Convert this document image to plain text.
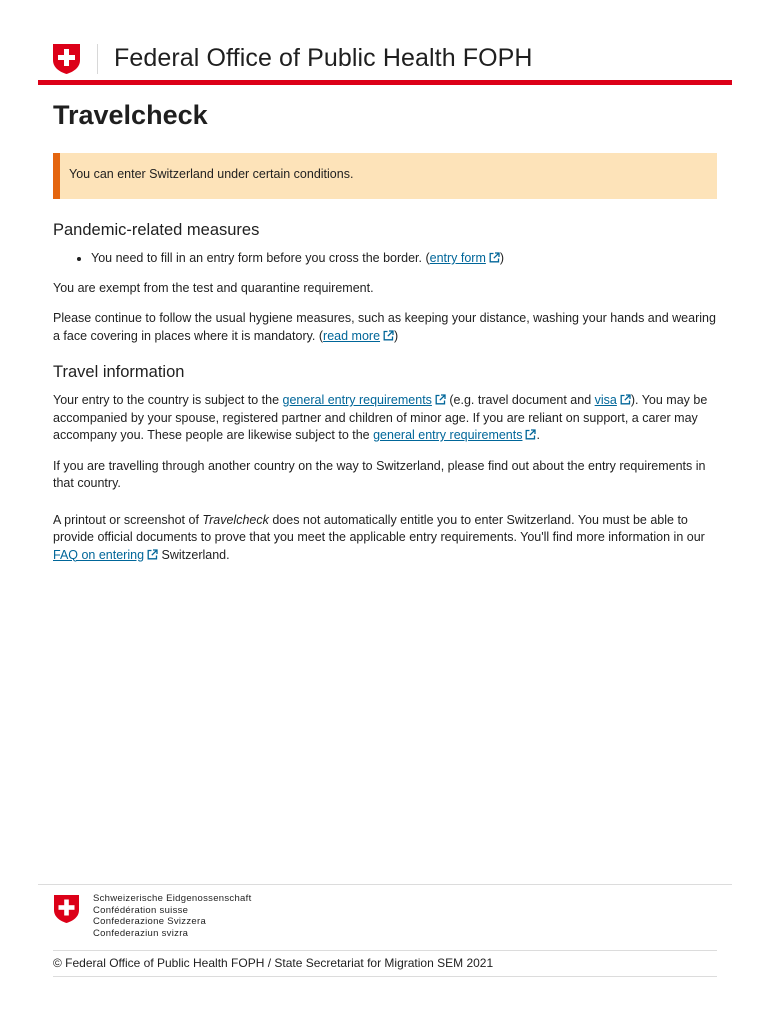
Federal Office of Public Health FOPH
Travelcheck
You can enter Switzerland under certain conditions.
Pandemic-related measures
You need to fill in an entry form before you cross the border. (entry form )

You are exempt from the test and quarantine requirement.

Please continue to follow the usual hygiene measures, such as keeping your distance, washing your hands and wearing a face covering in places where it is mandatory. (read more )

Travel information

Your entry to the country is subject to the general entry requirements (e.g. travel document and visa ). You may be accompanied by your spouse, registered partner and children of minor age. If you are reliant on support, a carer may accompany you. These people are likewise subject to the general entry requirements .

If you are travelling through another country on the way to Switzerland, please find out about the entry requirements in that country.

A printout or screenshot of Travelcheck does not automatically entitle you to enter Switzerland. You must be able to provide official documents to prove that you meet the applicable entry requirements. You'll find more information in our FAQ on entering Switzerland.

Schweizerische Eidgenossenschaft
Confédération suisse
Confederazione Svizzera
Confederaziun svizra
© Federal Office of Public Health FOPH / State Secretariat for Migration SEM 2021
